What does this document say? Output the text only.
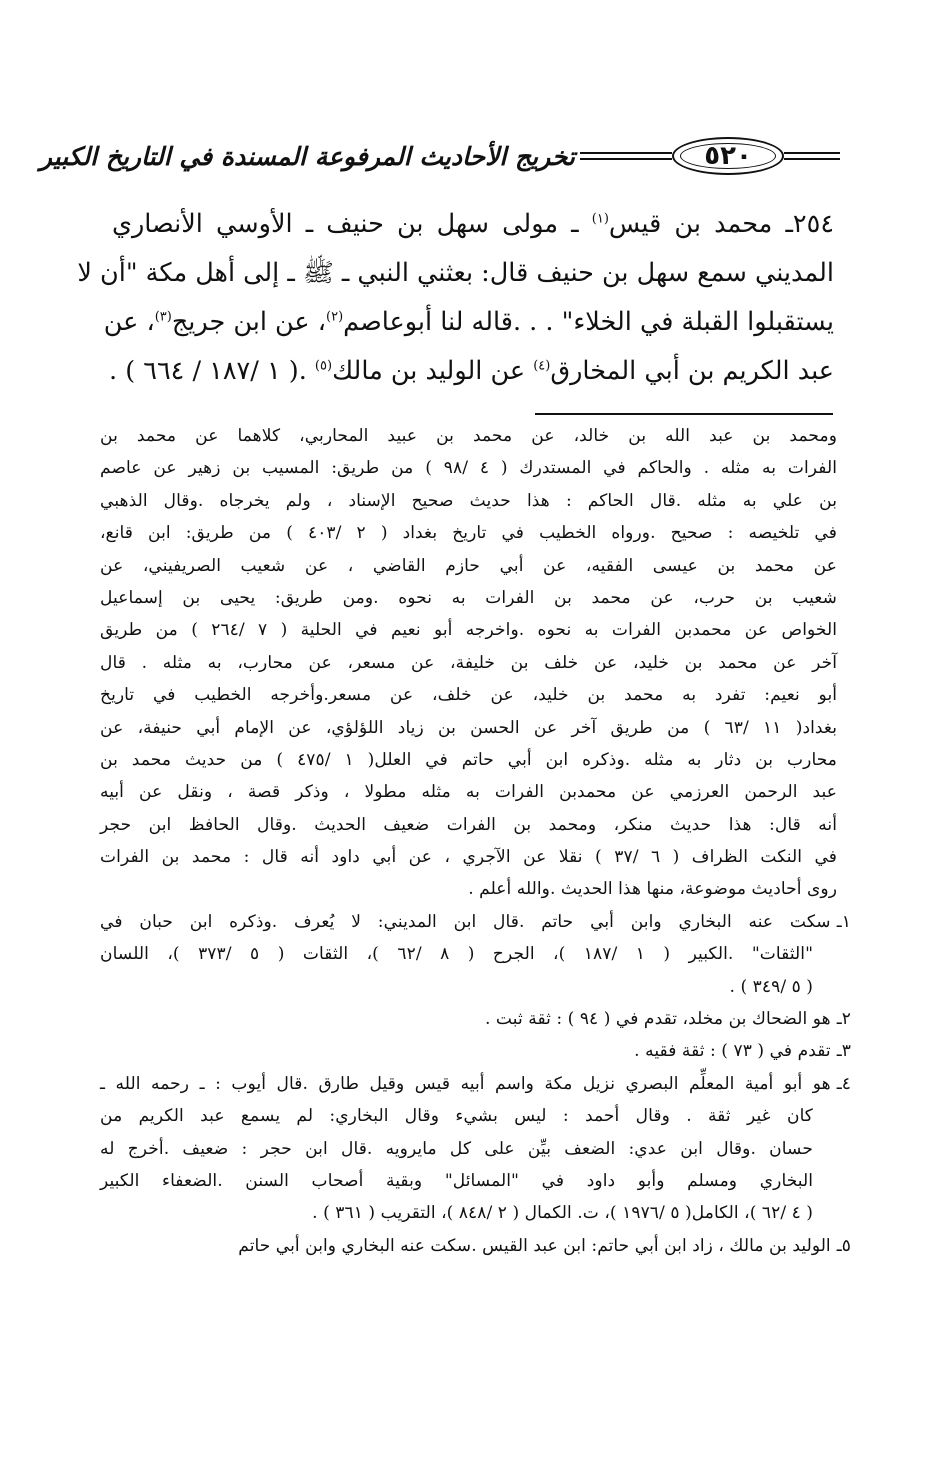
٥٢٠
تخريج الأحاديث المرفوعة المسندة في التاريخ الكبير
٢٥٤ـ محمد بن قيس$^{(١)}$ ـ مولى سهل بن حنيف ـ الأوسي الأنصاري
المديني سمع سهل بن حنيف قال: بعثني النبي ـ ﷺ ـ إلى أهل مكة "أن لا
يستقبلوا القبلة في الخلاء" . . .قاله لنا أبوعاصم$^{(٢)}$، عن ابن جريج$^{(٣)}$، عن
عبد الكريم بن أبي المخارق$^{(٤)}$ عن الوليد بن مالك$^{(٥)}$ .( ١ /١٨٧ / ٦٦٤ ) .
ومحمد بن عبد الله بن خالد، عن محمد بن عبيد المحاربي، كلاهما عن محمد بن
الفرات به مثله . والحاكم في المستدرك ( ٤ /٩٨ ) من طريق: المسيب بن زهير عن عاصم
بن علي به مثله .قال الحاكم : هذا حديث صحيح الإسناد ، ولم يخرجاه .وقال الذهبي
في تلخيصه : صحيح .ورواه الخطيب في تاريخ بغداد ( ٢ /٤٠٣ ) من طريق: ابن قانع،
عن محمد بن عيسى الفقيه، عن أبي حازم القاضي ، عن شعيب الصريفيني، عن
شعيب بن حرب، عن محمد بن الفرات به نحوه .ومن طريق: يحيى بن إسماعيل
الخواص عن محمدبن الفرات به نحوه .واخرجه أبو نعيم في الحلية ( ٧ /٢٦٤ ) من طريق
آخر عن محمد بن خليد، عن خلف بن خليفة، عن مسعر، عن محارب، به مثله . قال
أبو نعيم: تفرد به محمد بن خليد، عن خلف، عن مسعر.وأخرجه الخطيب في تاريخ
بغداد( ١١ /٦٣ ) من طريق آخر عن الحسن بن زياد اللؤلؤي، عن الإمام أبي حنيفة، عن
محارب بن دثار به مثله .وذكره ابن أبي حاتم في العلل( ١ /٤٧٥ ) من حديث محمد بن
عبد الرحمن العرزمي عن محمدبن الفرات به مثله مطولا ، وذكر قصة ، ونقل عن أبيه
أنه قال: هذا حديث منكر، ومحمد بن الفرات ضعيف الحديث .وقال الحافظ ابن حجر
في النكت الظراف ( ٦ /٣٧ ) نقلا عن الآجري ، عن أبي داود أنه قال : محمد بن الفرات
روى أحاديث موضوعة، منها هذا الحديث .والله أعلم .
١ـسكت عنه البخاري وابن أبي حاتم .قال ابن المديني: لا يُعرف .وذكره ابن حبان في
"الثقات" .الكبير ( ١ /١٨٧ )، الجرح ( ٨ /٦٢ )، الثقات ( ٥ /٣٧٣ )، اللسان
( ٥ /٣٤٩ ) .
٢ـهو الضحاك بن مخلد، تقدم في ( ٩٤ ) : ثقة ثبت .
٣ـتقدم في ( ٧٣ ) : ثقة فقيه .
٤ـهو أبو أمية المعلِّم البصري نزيل مكة واسم أبيه قيس وقيل طارق .قال أيوب : ـ رحمه الله ـ
كان غير ثقة . وقال أحمد : ليس بشيء وقال البخاري: لم يسمع عبد الكريم من
حسان .وقال ابن عدي: الضعف بيِّن على كل مايرويه .قال ابن حجر : ضعيف .أخرج له
البخاري ومسلم وأبو داود في "المسائل" وبقية أصحاب السنن .الضعفاء الكبير
( ٤ /٦٢ )، الكامل( ٥ /١٩٧٦ )، ت. الكمال ( ٢ /٨٤٨ )، التقريب ( ٣٦١ ) .
٥ـالوليد بن مالك ، زاد ابن أبي حاتم: ابن عبد القيس .سكت عنه البخاري وابن أبي حاتم
